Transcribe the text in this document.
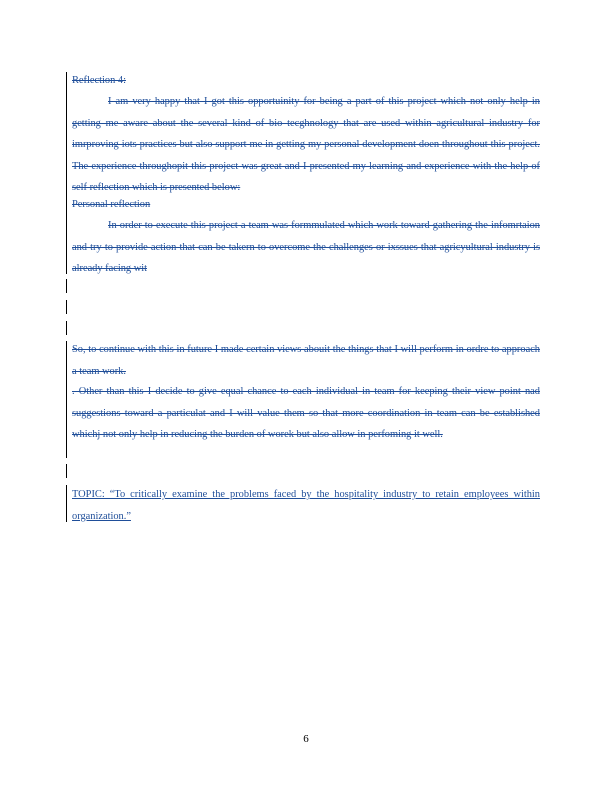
Reflection 4:
I am very happy that I got this opportuinity for being a part of this project which not only help in getting me aware about the several kind of bio tecghnology that are used within agricultural industry for imrproving iots practices but also support me in getting my personal development doen throughout this project. The experience throughopit this project was great and I presented my learning and experience with the help of self reflection which is presented below:
Personal reflection
In order to execute this project a team was formmulated which work toward gathering the infomrtaion and try to provide action that can be takern to overcome the challenges or ixssues that agricyultural industry is already facing wit
So, to continue with this in future I made certain views abouit the things that I will perform in ordre to approach a team work.
. Other than this I decide to give equal chance to each individual in team for keeping their view point nad suggestions toward a particulat and I will value them so that more coordination in team can be established whichj not only help in reducing the burden of worek but also allow in perfoming it well.
TOPIC: “To critically examine the problems faced by the hospitality industry to retain employees within organization.”
6
